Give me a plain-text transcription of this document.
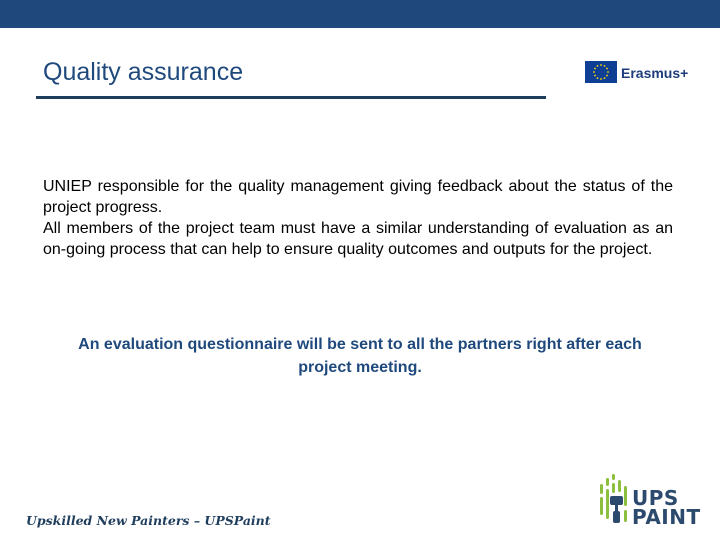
Quality assurance	Erasmus+

UNIEP responsible for the quality management giving feedback about the status of the project progress.

All members of the project team must have a similar understanding of evaluation as an on-going process that can help to ensure quality outcomes and outputs for the project.

An evaluation questionnaire will be sent to all the partners right after each project meeting.
Upskilled New Painters – UPSPaint
UPS
PAINT
